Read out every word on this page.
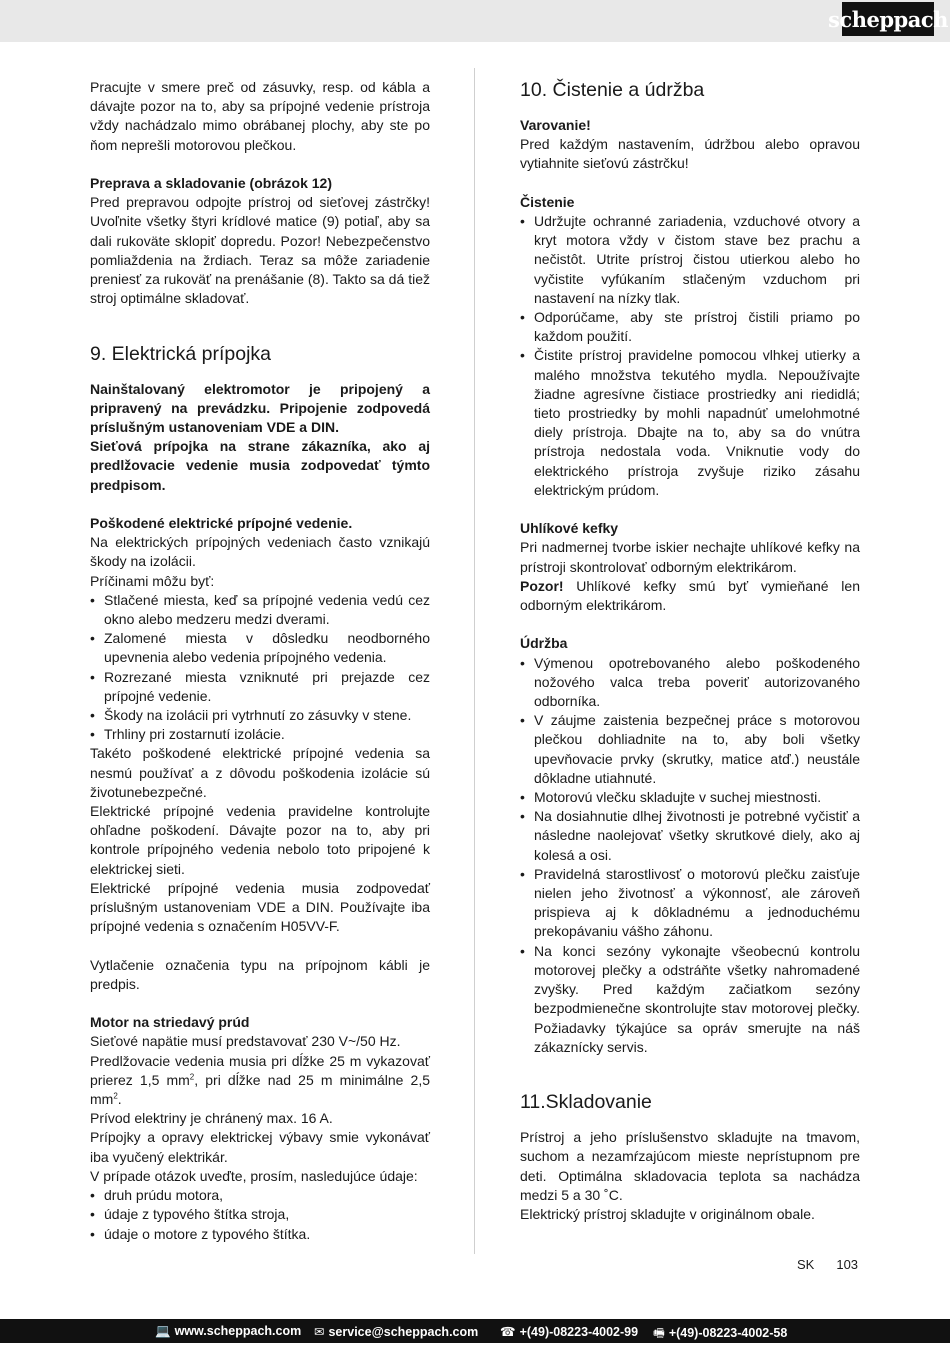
scheppach

Pracujte v smere preč od zásuvky, resp. od kábla a dávajte pozor na to, aby sa prípojné vedenie prístroja vždy nachádzalo mimo obrábanej plochy, aby ste po ňom neprešli motorovou plečkou.

Preprava a skladovanie (obrázok 12)

Pred prepravou odpojte prístroj od sieťovej zástrčky! Uvoľnite všetky štyri krídlové matice (9) potiaľ, aby sa dali rukoväte sklopiť dopredu. Pozor! Nebezpečenstvo pomliaždenia na žrdiach. Teraz sa môže zariadenie preniesť za rukoväť na prenášanie (8). Takto sa dá tiež stroj optimálne skladovať.

9. Elektrická prípojka

Nainštalovaný elektromotor je pripojený a pripravený na prevádzku. Pripojenie zodpovedá príslušným ustanoveniam VDE a DIN.

Sieťová prípojka na strane zákazníka, ako aj predlžovacie vedenie musia zodpovedať týmto predpisom.

Poškodené elektrické prípojné vedenie.

Na elektrických prípojných vedeniach často vznikajú škody na izolácii.

Príčinami môžu byť:

• Stlačené miesta, keď sa prípojné vedenia vedú cez okno alebo medzeru medzi dverami.
• Zalomené miesta v dôsledku neodborného upevnenia alebo vedenia prípojného vedenia.
• Rozrezané miesta vzniknuté pri prejazde cez prípojné vedenie.
• Škody na izolácii pri vytrhnutí zo zásuvky v stene.
• Trhliny pri zostarnutí izolácie.

Takéto poškodené elektrické prípojné vedenia sa nesmú používať a z dôvodu poškodenia izolácie sú životunebezpečné.

Elektrické prípojné vedenia pravidelne kontrolujte ohľadne poškodení. Dávajte pozor na to, aby pri kontrole prípojného vedenia nebolo toto pripojené k elektrickej sieti.

Elektrické prípojné vedenia musia zodpovedať príslušným ustanoveniam VDE a DIN. Používajte iba prípojné vedenia s označením H05VV-F.

Vytlačenie označenia typu na prípojnom kábli je predpis.

Motor na striedavý prúd

Sieťové napätie musí predstavovať 230 V~/50 Hz.

Predlžovacie vedenia musia pri dĺžke 25 m vykazovať prierez 1,5 $mm^2$, pri dĺžke nad 25 m minimálne 2,5 $mm^2$.

Prívod elektriny je chránený max. 16 A.

Prípojky a opravy elektrickej výbavy smie vykonávať iba vyučený elektrikár.

V prípade otázok uveďte, prosím, nasledujúce údaje:

• druh prúdu motora,
• údaje z typového štítka stroja,
• údaje o motore z typového štítka.
10. Čistenie a údržba

Varovanie!

Pred každým nastavením, údržbou alebo opravou vytiahnite sieťovú zástrčku!

Čistenie

• Udržujte ochranné zariadenia, vzduchové otvory a kryt motora vždy v čistom stave bez prachu a nečistôt. Utrite prístroj čistou utierkou alebo ho vyčistite vyfúkaním stlačeným vzduchom pri nastavení na nízky tlak.
• Odporúčame, aby ste prístroj čistili priamo po každom použití.
• Čistite prístroj pravidelne pomocou vlhkej utierky a malého množstva tekutého mydla. Nepoužívajte žiadne agresívne čistiace prostriedky ani riedidlá; tieto prostriedky by mohli napadnúť umelohmotné diely prístroja. Dbajte na to, aby sa do vnútra prístroja nedostala voda. Vniknutie vody do elektrického prístroja zvyšuje riziko zásahu elektrickým prúdom.

Uhlíkové kefky

Pri nadmernej tvorbe iskier nechajte uhlíkové kefky na prístroji skontrolovať odborným elektrikárom.

Pozor! Uhlíkové kefky smú byť vymieňané len odborným elektrikárom.

Údržba

• Výmenou opotrebovaného alebo poškodeného nožového valca treba poveriť autorizovaného odborníka.
• V záujme zaistenia bezpečnej práce s motorovou plečkou dohliadnite na to, aby boli všetky upevňovacie prvky (skrutky, matice atď.) neustále dôkladne utiahnuté.
• Motorovú vlečku skladujte v suchej miestnosti.
• Na dosiahnutie dlhej životnosti je potrebné vyčistiť a následne naolejovať všetky skrutkové diely, ako aj kolesá a osi.
• Pravidelná starostlivosť o motorovú plečku zaisťuje nielen jeho životnosť a výkonnosť, ale zároveň prispieva aj k dôkladnému a jednoduchému prekopávaniu vášho záhonu.
• Na konci sezóny vykonajte všeobecnú kontrolu motorovej plečky a odstráňte všetky nahromadené zvyšky. Pred každým začiatkom sezóny bezpodmienečne skontrolujte stav motorovej plečky. Požiadavky týkajúce sa opráv smerujte na náš zákaznícky servis.
11.Skladovanie

Prístroj a jeho príslušenstvo skladujte na tmavom, suchom a nezamŕzajúcom mieste neprístupnom pre deti. Optimálna skladovacia teplota sa nachádza medzi 5 a 30 ˚C.

Elektrický prístroj skladujte v originálnom obale.

SK 103
💻 www.scheppach.com ✉ service@scheppach.com ☎ +(49)-08223-4002-99 🖷 +(49)-08223-4002-58
